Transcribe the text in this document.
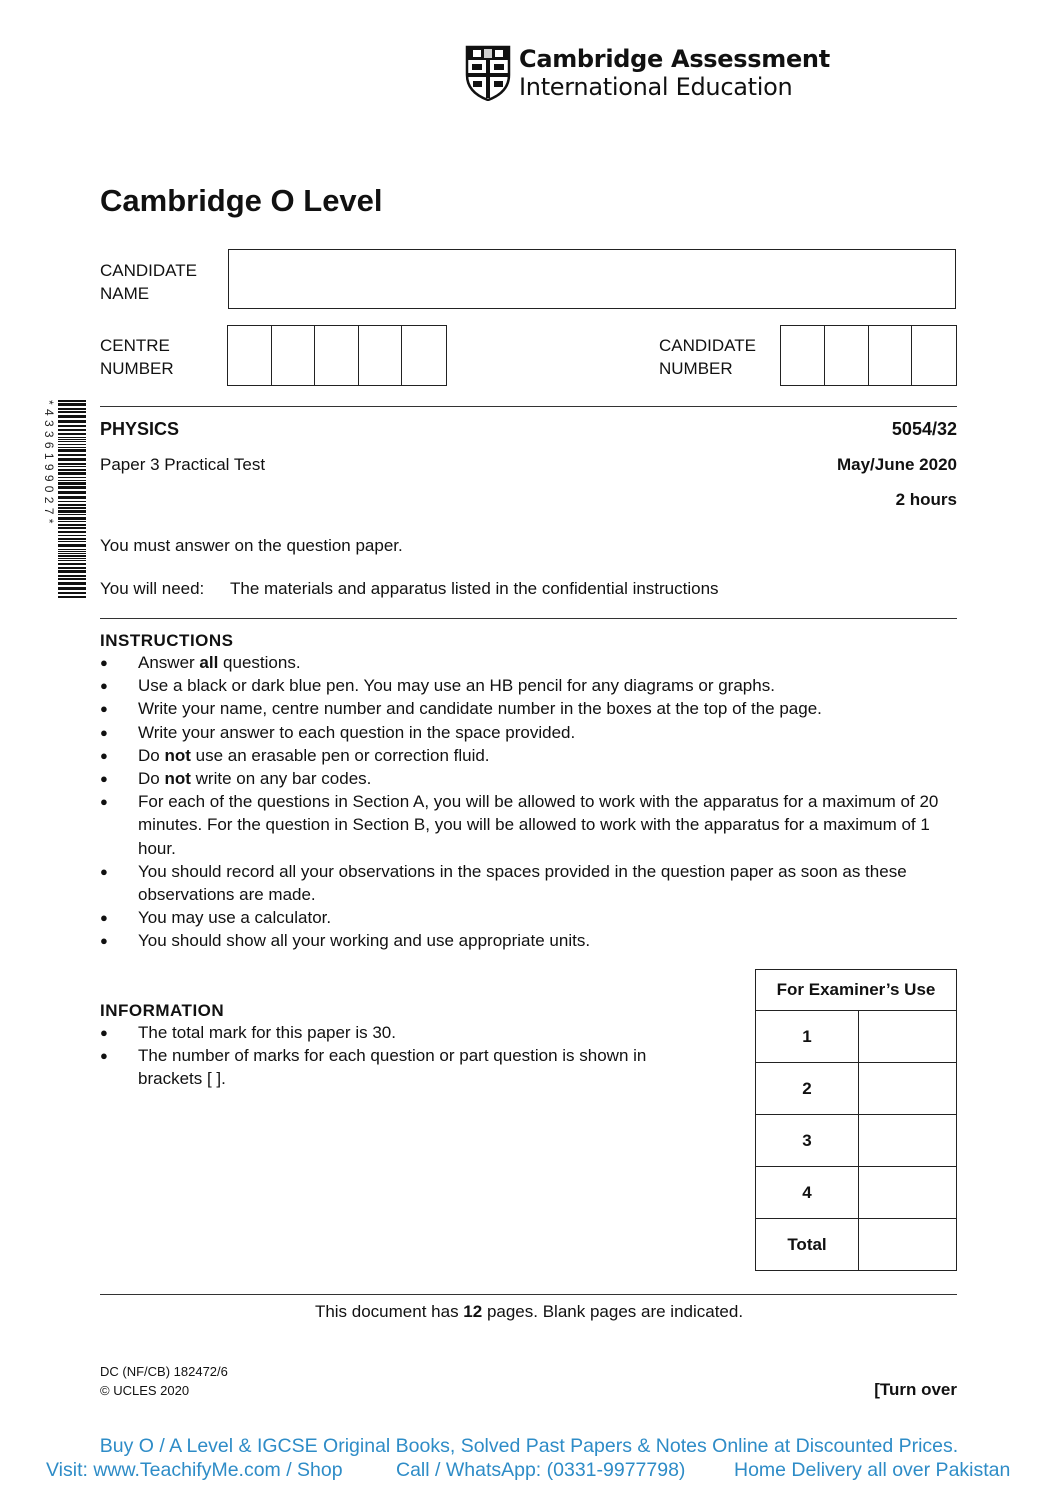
Cambridge Assessment
International Education
Cambridge O Level
CANDIDATE
NAME
CENTRE
NUMBER
CANDIDATE
NUMBER
*4336199027* PHYSICS	5054/32
Paper 3 Practical Test	May/June 2020
2 hours
You must answer on the question paper.
You will need: The materials and apparatus listed in the confidential instructions
INSTRUCTIONS
● Answer all questions.
● Use a black or dark blue pen. You may use an HB pencil for any diagrams or graphs.
● Write your name, centre number and candidate number in the boxes at the top of the page.
● Write your answer to each question in the space provided.
● Do not use an erasable pen or correction fluid.
● Do not write on any bar codes.
● For each of the questions in Section A, you will be allowed to work with the apparatus for a maximum of 20 minutes. For the question in Section B, you will be allowed to work with the apparatus for a maximum of 1 hour.
● You should record all your observations in the spaces provided in the question paper as soon as these observations are made.
● You may use a calculator.
● You should show all your working and use appropriate units.
INFORMATION
● The total mark for this paper is 30.
● The number of marks for each question or part question is shown in brackets [ ].
For Examiner’s Use	
1	
2	
3	
4	
Total	
This document has 12 pages. Blank pages are indicated.
DC (NF/CB) 182472/6
© UCLES 2020	[Turn over
Buy O / A Level & IGCSE Original Books, Solved Past Papers & Notes Online at Discounted Prices.
Visit: www.TeachifyMe.com / Shop	Call / WhatsApp: (0331-9977798) Home Delivery all over Pakistan
